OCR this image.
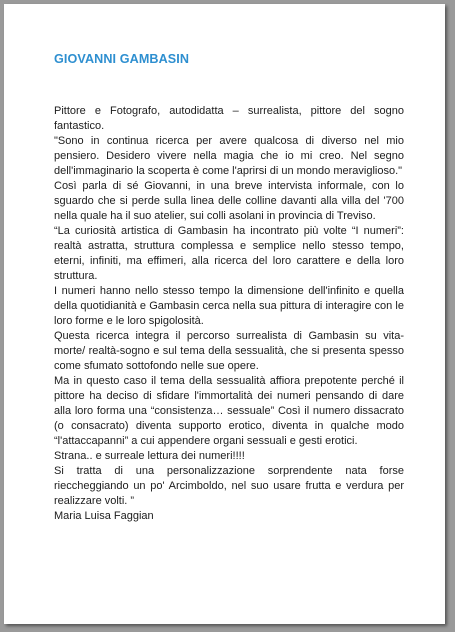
GIOVANNI GAMBASIN

Pittore e Fotografo, autodidatta – surrealista, pittore del sogno fantastico.

"Sono in continua ricerca per avere qualcosa di diverso nel mio pensiero. Desidero vivere nella magia che io mi creo. Nel segno dell'immaginario la scoperta è come l'aprirsi di un mondo meraviglioso."

Così parla di sé Giovanni, in una breve intervista informale, con lo sguardo che si perde sulla linea delle colline davanti alla villa del '700 nella quale ha il suo atelier, sui colli asolani in provincia di Treviso.

“La curiosità artistica di Gambasin ha incontrato più volte “I numeri”: realtà astratta, struttura complessa e semplice nello stesso tempo, eterni, infiniti, ma effimeri, alla ricerca del loro carattere e della loro struttura.

I numeri hanno nello stesso tempo la dimensione dell'infinito e quella della quotidianità e Gambasin cerca nella sua pittura di interagire con le loro forme e le loro spigolosità.

Questa ricerca integra il percorso surrealista di Gambasin su vita-morte/ realtà-sogno e sul tema della sessualità, che si presenta spesso come sfumato sottofondo nelle sue opere.

Ma in questo caso il tema della sessualità affiora prepotente perché il pittore ha deciso di sfidare l'immortalità dei numeri pensando di dare alla loro forma una “consistenza… sessuale” Così il numero dissacrato (o consacrato) diventa supporto erotico, diventa in qualche modo “l'attaccapanni” a cui appendere organi sessuali e gesti erotici.

Strana.. e surreale lettura dei numeri!!!!

Si tratta di una personalizzazione sorprendente nata forse riecchеggiando un po' Arcimboldo, nel suo usare frutta e verdura per realizzare volti. ”

Maria Luisa Faggian
